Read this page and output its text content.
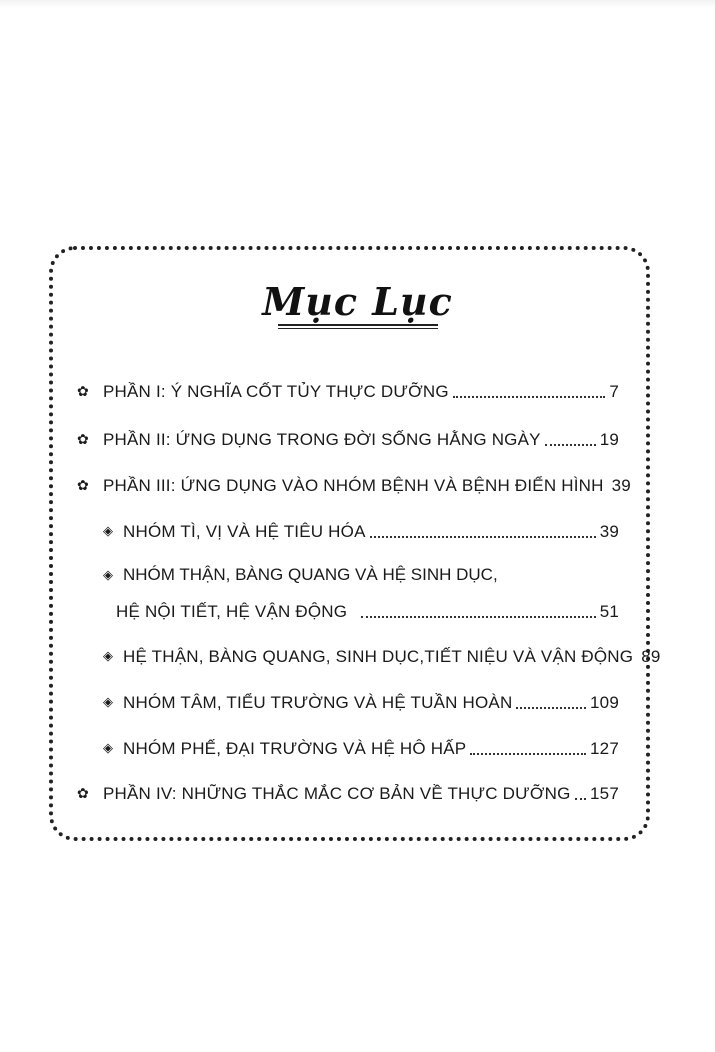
Mục Lục
✿ PHẦN I: Ý NGHĨA CỐT TỦY THỰC DƯỠNG	7
✿ PHẦN II: ỨNG DỤNG TRONG ĐỜI SỐNG HẰNG NGÀY	19
✿ PHẦN III: ỨNG DỤNG VÀO NHÓM BỆNH VÀ BỆNH ĐIỂN HÌNH 39
◈ NHÓM TÌ, VỊ VÀ HỆ TIÊU HÓA	39
◈ NHÓM THẬN, BÀNG QUANG VÀ HỆ SINH DỤC,
HỆ NỘI TIẾT, HỆ VẬN ĐỘNG	51
◈ HỆ THẬN, BÀNG QUANG, SINH DỤC,TIẾT NIỆU VÀ VẬN ĐỘNG 89
◈ NHÓM TÂM, TIỂU TRƯỜNG VÀ HỆ TUẦN HOÀN	109
◈ NHÓM PHẾ, ĐẠI TRƯỜNG VÀ HỆ HÔ HẤP	127
✿ PHẦN IV: NHỮNG THẮC MẮC CƠ BẢN VỀ THỰC DƯỠNG 157
